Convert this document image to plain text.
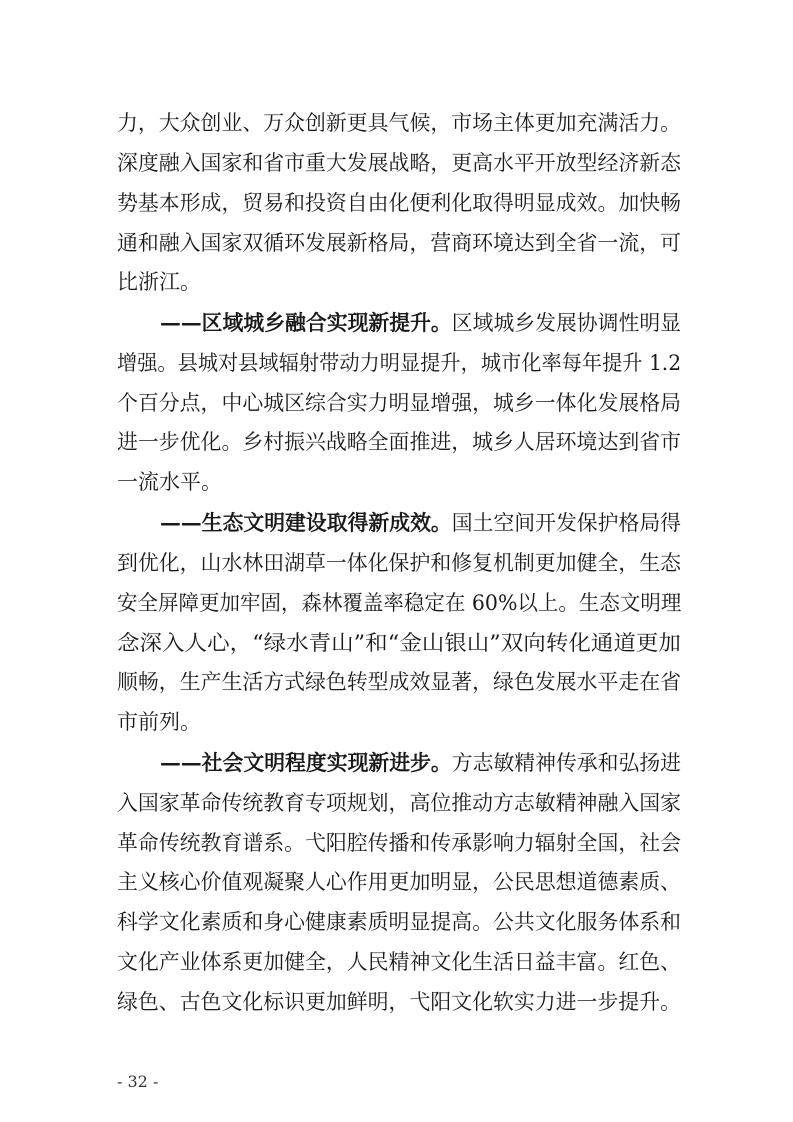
力，大众创业、万众创新更具气候，市场主体更加充满活力。
深度融入国家和省市重大发展战略，更高水平开放型经济新态
势基本形成，贸易和投资自由化便利化取得明显成效。加快畅
通和融入国家双循环发展新格局，营商环境达到全省一流，可
比浙江。
——区域城乡融合实现新提升。区域城乡发展协调性明显
增强。县城对县域辐射带动力明显提升，城市化率每年提升 1.2
个百分点，中心城区综合实力明显增强，城乡一体化发展格局
进一步优化。乡村振兴战略全面推进，城乡人居环境达到省市
一流水平。
——生态文明建设取得新成效。国土空间开发保护格局得
到优化，山水林田湖草一体化保护和修复机制更加健全，生态
安全屏障更加牢固，森林覆盖率稳定在 60%以上。生态文明理
念深入人心，“绿水青山”和“金山银山”双向转化通道更加
顺畅，生产生活方式绿色转型成效显著，绿色发展水平走在省
市前列。
——社会文明程度实现新进步。方志敏精神传承和弘扬进
入国家革命传统教育专项规划，高位推动方志敏精神融入国家
革命传统教育谱系。弋阳腔传播和传承影响力辐射全国，社会
主义核心价值观凝聚人心作用更加明显，公民思想道德素质、
科学文化素质和身心健康素质明显提高。公共文化服务体系和
文化产业体系更加健全，人民精神文化生活日益丰富。红色、
绿色、古色文化标识更加鲜明，弋阳文化软实力进一步提升。
- 32 -
